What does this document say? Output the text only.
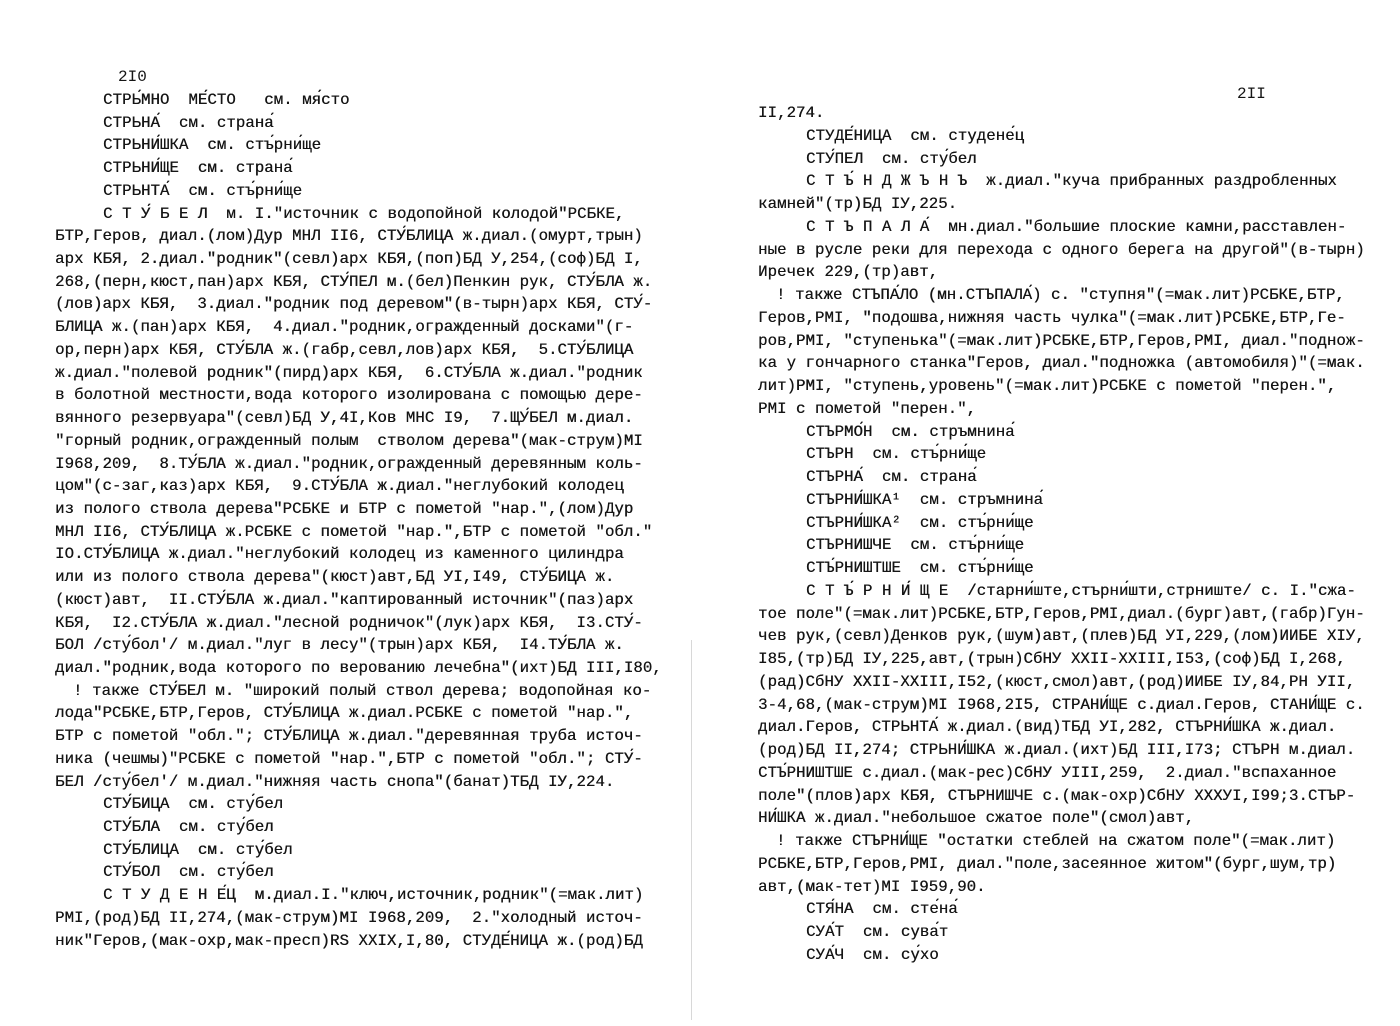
2I0
СТРЬ́МНО  МЕ́СТО   см. мя́сто
СТРЬНА́  см. страна́
СТРЬНИ́ШКА  см. стъ́рни́ще
СТРЬНИ́ЩЕ  см. страна́
СТРЬНТА́  см. стъ́рни́ще
С Т У́ Б Е Л  м. I."источник с водопойной колодой"РСБКЕ,
БТР,Геров, диал.(лом)Дур МНЛ II6, СТУ́БЛИЦА ж.диал.(омурт,трын)
арх КБЯ, 2.диал."родник"(севл)арх КБЯ,(поп)БД У,254,(соф)БД I,
268,(перн,кюст,пан)арх КБЯ, СТУ́ПЕЛ м.(бел)Пенкин рук, СТУ́БЛА ж.
(лов)арх КБЯ,  3.диал."родник под деревом"(в-тырн)арх КБЯ, СТУ́-
БЛИЦА ж.(пан)арх КБЯ,  4.диал."родник,огражденный досками"(г-
ор,перн)арх КБЯ, СТУ́БЛА ж.(габр,севл,лов)арх КБЯ,  5.СТУ́БЛИЦА
ж.диал."полевой родник"(пирд)арх КБЯ,  6.СТУ́БЛА ж.диал."родник
в болотной местности,вода которого изолирована с помощью дере-
вянного резервуара"(севл)БД У,4I,Ков МНС I9,  7.ЩУ́БЕЛ м.диал.
"горный родник,огражденный полым  стволом дерева"(мак-струм)МI
I968,209,  8.ТУ́БЛА ж.диал."родник,огражденный деревянным коль-
цом"(с-заг,каз)арх КБЯ,  9.СТУ́БЛА ж.диал."неглубокий колодец
из полого ствола дерева"РСБКЕ и БТР с пометой "нар.",(лом)Дур
МНЛ II6, СТУ́БЛИЦА ж.РСБКЕ с пометой "нар.",БТР с пометой "обл."
IO.СТУ́БЛИЦА ж.диал."неглубокий колодец из каменного цилиндра
или из полого ствола дерева"(кюст)авт,БД УI,I49, СТУ́БИЦА ж.
(кюст)авт,  II.СТУ́БЛА ж.диал."каптированный источник"(паз)арх
КБЯ,  I2.СТУ́БЛА ж.диал."лесной родничок"(лук)арх КБЯ,  I3.СТУ́-
БОЛ /сту́бол'/ м.диал."луг в лесу"(трын)арх КБЯ,  I4.ТУ́БЛА ж.
диал."родник,вода которого по верованию лечебна"(ихт)БД III,I80,
! также СТУ́БЕЛ м. "широкий полый ствол дерева; водопойная ко-
лода"РСБКЕ,БТР,Геров, СТУ́БЛИЦА ж.диал.РСБКЕ с пометой "нар.",
БТР с пометой "обл."; СТУ́БЛИЦА ж.диал."деревянная труба источ-
ника (чешмы)"РСБКЕ с пометой "нар.",БТР с пометой "обл."; СТУ́-
БЕЛ /сту́бел'/ м.диал."нижняя часть снопа"(банат)ТБД IУ,224.
СТУ́БИЦА  см. сту́бел
СТУ́БЛА  см. сту́бел
СТУ́БЛИЦА  см. сту́бел
СТУ́БОЛ  см. сту́бел
С Т У Д Е Н Е́Ц  м.диал.I."ключ,источник,родник"(=мак.лит)
РМI,(род)БД II,274,(мак-струм)МI I968,209,  2."холодный источ-
ник"Геров,(мак-охр,мак-пресп)RS XXIX,I,80, СТУДЕ́НИЦА ж.(род)БД
2II
II,274.
СТУДЕ́НИЦА  см. студене́ц
СТУ́ПЕЛ  см. сту́бел
С Т Ъ́ Н Д Ж Ъ Н Ъ  ж.диал."куча прибранных раздробленных
камней"(тр)БД IУ,225.
С Т Ъ П А Л А́  мн.диал."большие плоские камни,расставлен-
ные в русле реки для перехода с одного берега на другой"(в-тырн)
Иречек 229,(тр)авт,
! также СТЪПА́ЛО (мн.СТЪПАЛА́) с. "ступня"(=мак.лит)РСБКЕ,БТР,
Геров,РМI, "подошва,нижняя часть чулка"(=мак.лит)РСБКЕ,БТР,Ге-
ров,РМI, "ступенька"(=мак.лит)РСБКЕ,БТР,Геров,РМI, диал."поднож-
ка у гончарного станка"Геров, диал."подножка (автомобиля)"(=мак.
лит)РМI, "ступень,уровень"(=мак.лит)РСБКЕ с пометой "перен.",
РМI с пометой "перен.",
СТЪРМО́Н  см. стръмнина́
СТЪРН  см. стъ́рни́ще
СТЪРНА́  см. страна́
СТЪРНИ́ШКА¹  см. стръмнина́
СТЪРНИ́ШКА²  см. стъ́рни́ще
СТЪРНИШЧЕ  см. стъ́рни́ще
СТЪ́РНИШТШЕ  см. стъ́рни́ще
С Т Ъ́ Р Н И́ Щ Е  /старни́ште,стърни́шти,стрниште/ с. I."сжа-
тое поле"(=мак.лит)РСБКЕ,БТР,Геров,РМI,диал.(бург)авт,(габр)Гун-
чев рук,(севл)Денков рук,(шум)авт,(плев)БД УI,229,(лом)ИИБЕ XIУ,
I85,(тр)БД IУ,225,авт,(трын)СбНУ XXII-XXIII,I53,(соф)БД I,268,
(рад)СбНУ XXII-XXIII,I52,(кюст,смол)авт,(род)ИИБЕ IУ,84,РН УII,
3-4,68,(мак-струм)МI I968,2I5, СТРАНИ́ЩЕ с.диал.Геров, СТАНИ́ЩЕ с.
диал.Геров, СТРЬНТА́ ж.диал.(вид)ТБД УI,282, СТЪРНИ́ШКА ж.диал.
(род)БД II,274; СТРЬНИ́ШКА ж.диал.(ихт)БД III,I73; СТЪРН м.диал.
СТЪ́РНИШТШЕ с.диал.(мак-рес)СбНУ УIII,259,  2.диал."вспаханное
поле"(плов)арх КБЯ, СТЪРНИШЧЕ с.(мак-охр)СбНУ XXXУI,I99;3.СТЪР-
НИ́ШКА ж.диал."небольшое сжатое поле"(смол)авт,
! также СТЪРНИ́ЩЕ "остатки стеблей на сжатом поле"(=мак.лит)
РСБКЕ,БТР,Геров,РМI, диал."поле,засеянное житом"(бург,шум,тр)
авт,(мак-тет)МI I959,90.
СТЯ́НА  см. сте́на́
СУА́Т  см. сува́т
СУА́Ч  см. су́хо
